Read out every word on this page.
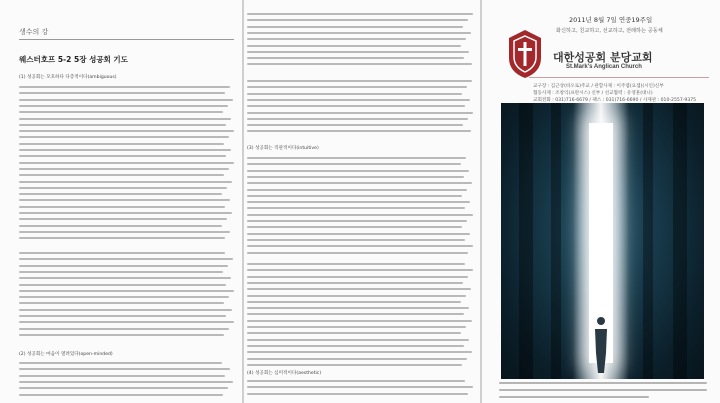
생수의 강
웨스터호프 5-2 5장 성공회 기도
(1) 성공회는 모호하다 다층적이다(ambiguous)
(2) 성공회는 마음이 열려있다(open-minded)
(3) 성공회는 직관적이다(intuitive)
(4) 성공회는 심미적이다(aesthetic)
2011년 8월 7일 연중19주일
화신하고, 친교하고, 선교하고, 전례하는 공동체
대한성공회 분당교회
St.Mark's Anglican Church
교구장 : 김근상(바오로)주교 / 관할사제 : 이주엽(요셉)(시인)신부
협동사제 : 조창익(프란시스) 신부 / 선교협력 : 유영훈(대니)
교회전화 : 031)716-6679 / 팩스 : 031)716-6690 / 사제관 : 010-2557-9375
